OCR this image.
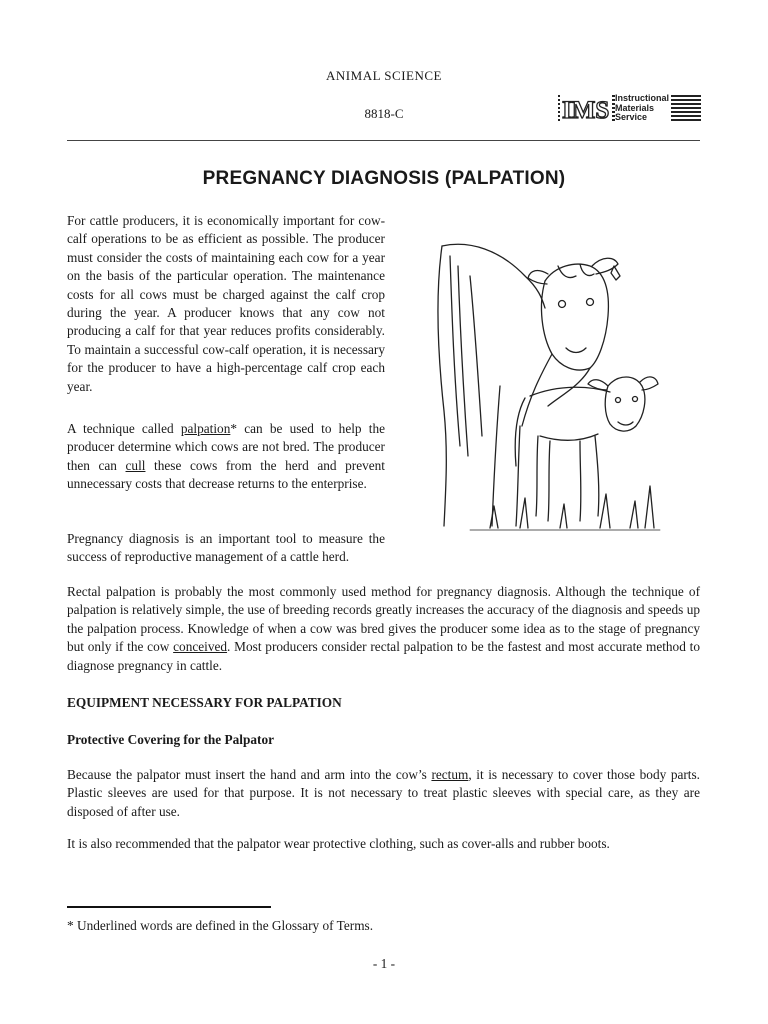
ANIMAL SCIENCE
8818-C	IMS Instructional
Materials
Service
PREGNANCY DIAGNOSIS (PALPATION)
For cattle producers, it is economically important for cow-calf operations to be as efficient as possible. The producer must consider the costs of maintaining each cow for a year on the basis of the particular operation. The maintenance costs for all cows must be charged against the calf crop during the year. A producer knows that any cow not producing a calf for that year reduces profits considerably. To maintain a successful cow-calf operation, it is necessary for the producer to have a high-percentage calf crop each year.
A technique called palpation* can be used to help the producer determine which cows are not bred. The producer then can cull these cows from the herd and prevent unnecessary costs that decrease returns to the enterprise.
Pregnancy diagnosis is an important tool to measure the success of reproductive management of a cattle herd.
Rectal palpation is probably the most commonly used method for pregnancy diagnosis. Although the technique of palpation is relatively simple, the use of breeding records greatly increases the accuracy of the diagnosis and speeds up the palpation process. Knowledge of when a cow was bred gives the producer some idea as to the stage of pregnancy but only if the cow conceived. Most producers consider rectal palpation to be the fastest and most accurate method to diagnose pregnancy in cattle.
EQUIPMENT NECESSARY FOR PALPATION
Protective Covering for the Palpator
Because the palpator must insert the hand and arm into the cow’s rectum, it is necessary to cover those body parts. Plastic sleeves are used for that purpose. It is not necessary to treat plastic sleeves with special care, as they are disposed of after use.
It is also recommended that the palpator wear protective clothing, such as cover-alls and rubber boots.
* Underlined words are defined in the Glossary of Terms.
- 1 -
